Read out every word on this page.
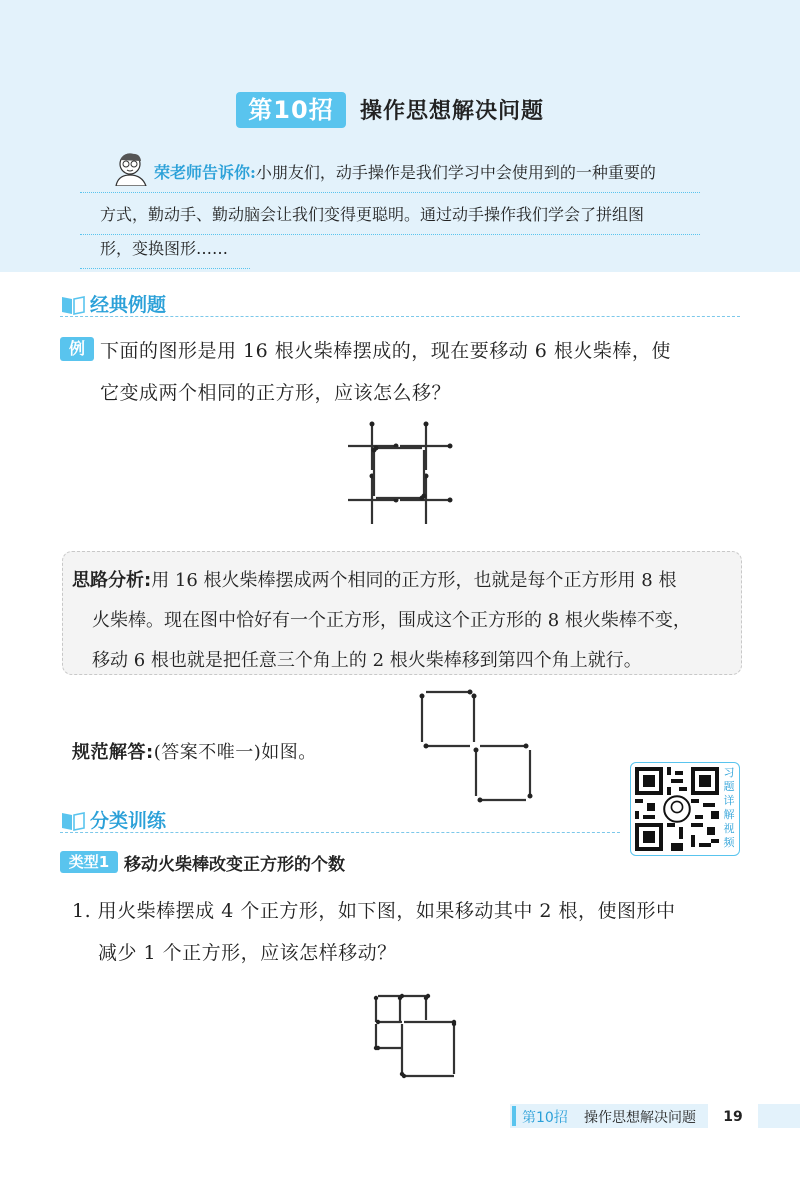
第10招	操作思想解决问题
荣老师告诉你:小朋友们，动手操作是我们学习中会使用到的一种重要的
方式，勤动手、勤动脑会让我们变得更聪明。通过动手操作我们学会了拼组图
形，变换图形……
经典例题
例 下面的图形是用 16 根火柴棒摆成的，现在要移动 6 根火柴棒，使
它变成两个相同的正方形，应该怎么移？
思路分析:用 16 根火柴棒摆成两个相同的正方形，也就是每个正方形用 8 根
火柴棒。现在图中恰好有一个正方形，围成这个正方形的 8 根火柴棒不变，
移动 6 根也就是把任意三个角上的 2 根火柴棒移到第四个角上就行。
规范解答:(答案不唯一)如图。
习题详解视频
分类训练
类型1 移动火柴棒改变正方形的个数
1. 用火柴棒摆成 4 个正方形，如下图，如果移动其中 2 根，使图形中
减少 1 个正方形，应该怎样移动？
第10招 操作思想解决问题	19
